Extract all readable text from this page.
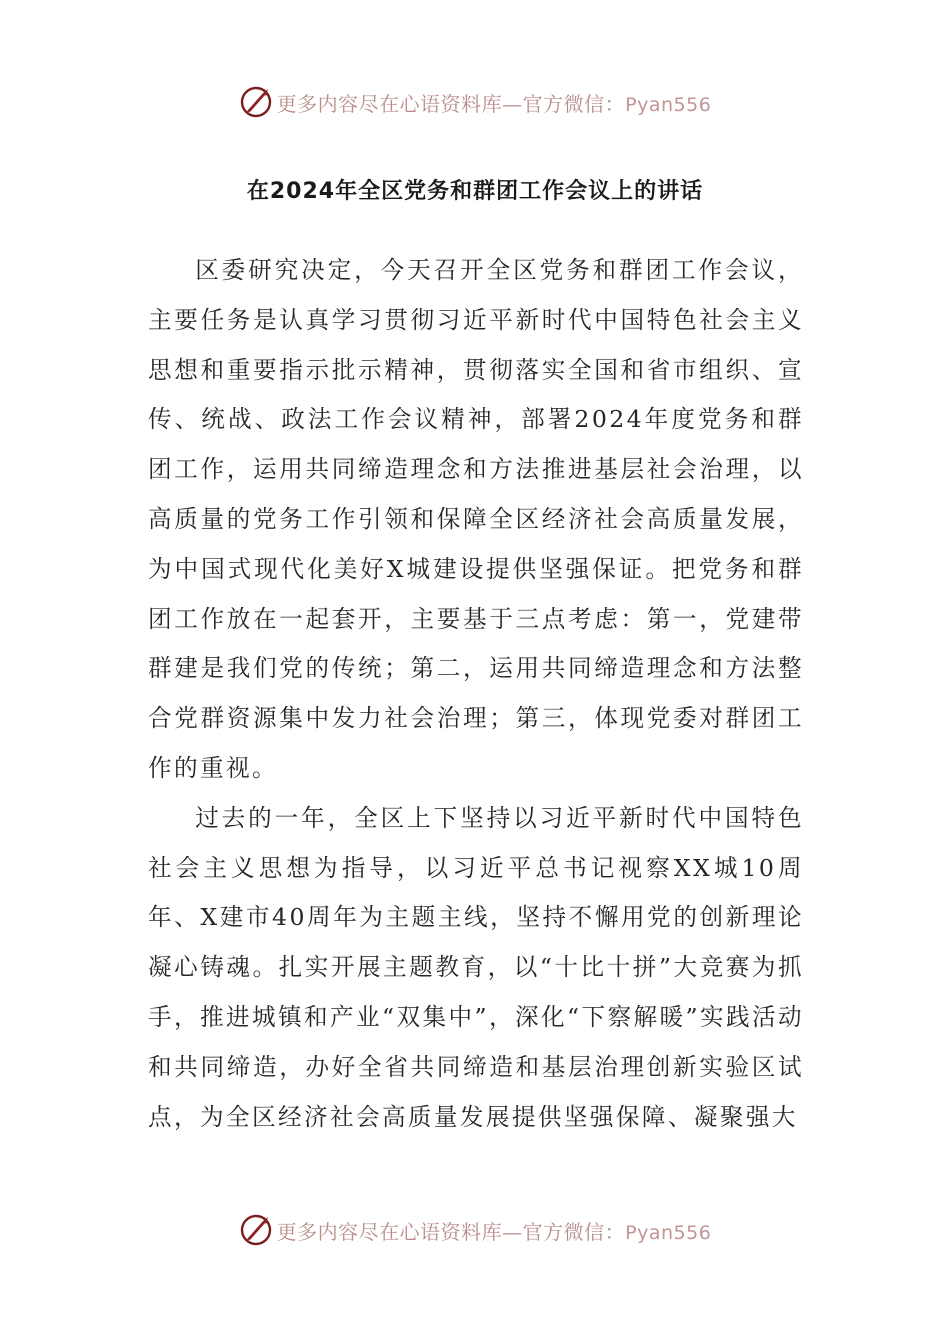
更多内容尽在心语资料库—官方微信：Pyan556
在2024年全区党务和群团工作会议上的讲话

区委研究决定，今天召开全区党务和群团工作会议，主要任务是认真学习贯彻习近平新时代中国特色社会主义思想和重要指示批示精神，贯彻落实全国和省市组织、宣传、统战、政法工作会议精神，部署2024年度党务和群团工作，运用共同缔造理念和方法推进基层社会治理，以高质量的党务工作引领和保障全区经济社会高质量发展，为中国式现代化美好X城建设提供坚强保证。把党务和群团工作放在一起套开，主要基于三点考虑：第一，党建带群建是我们党的传统；第二，运用共同缔造理念和方法整合党群资源集中发力社会治理；第三，体现党委对群团工作的重视。

过去的一年，全区上下坚持以习近平新时代中国特色社会主义思想为指导，以习近平总书记视察XX城10周年、X建市40周年为主题主线，坚持不懈用党的创新理论凝心铸魂。扎实开展主题教育，以“十比十拼”大竞赛为抓手，推进城镇和产业“双集中”，深化“下察解暖”实践活动和共同缔造，办好全省共同缔造和基层治理创新实验区试点，为全区经济社会高质量发展提供坚强保障、凝聚强大

更多内容尽在心语资料库—官方微信：Pyan556
